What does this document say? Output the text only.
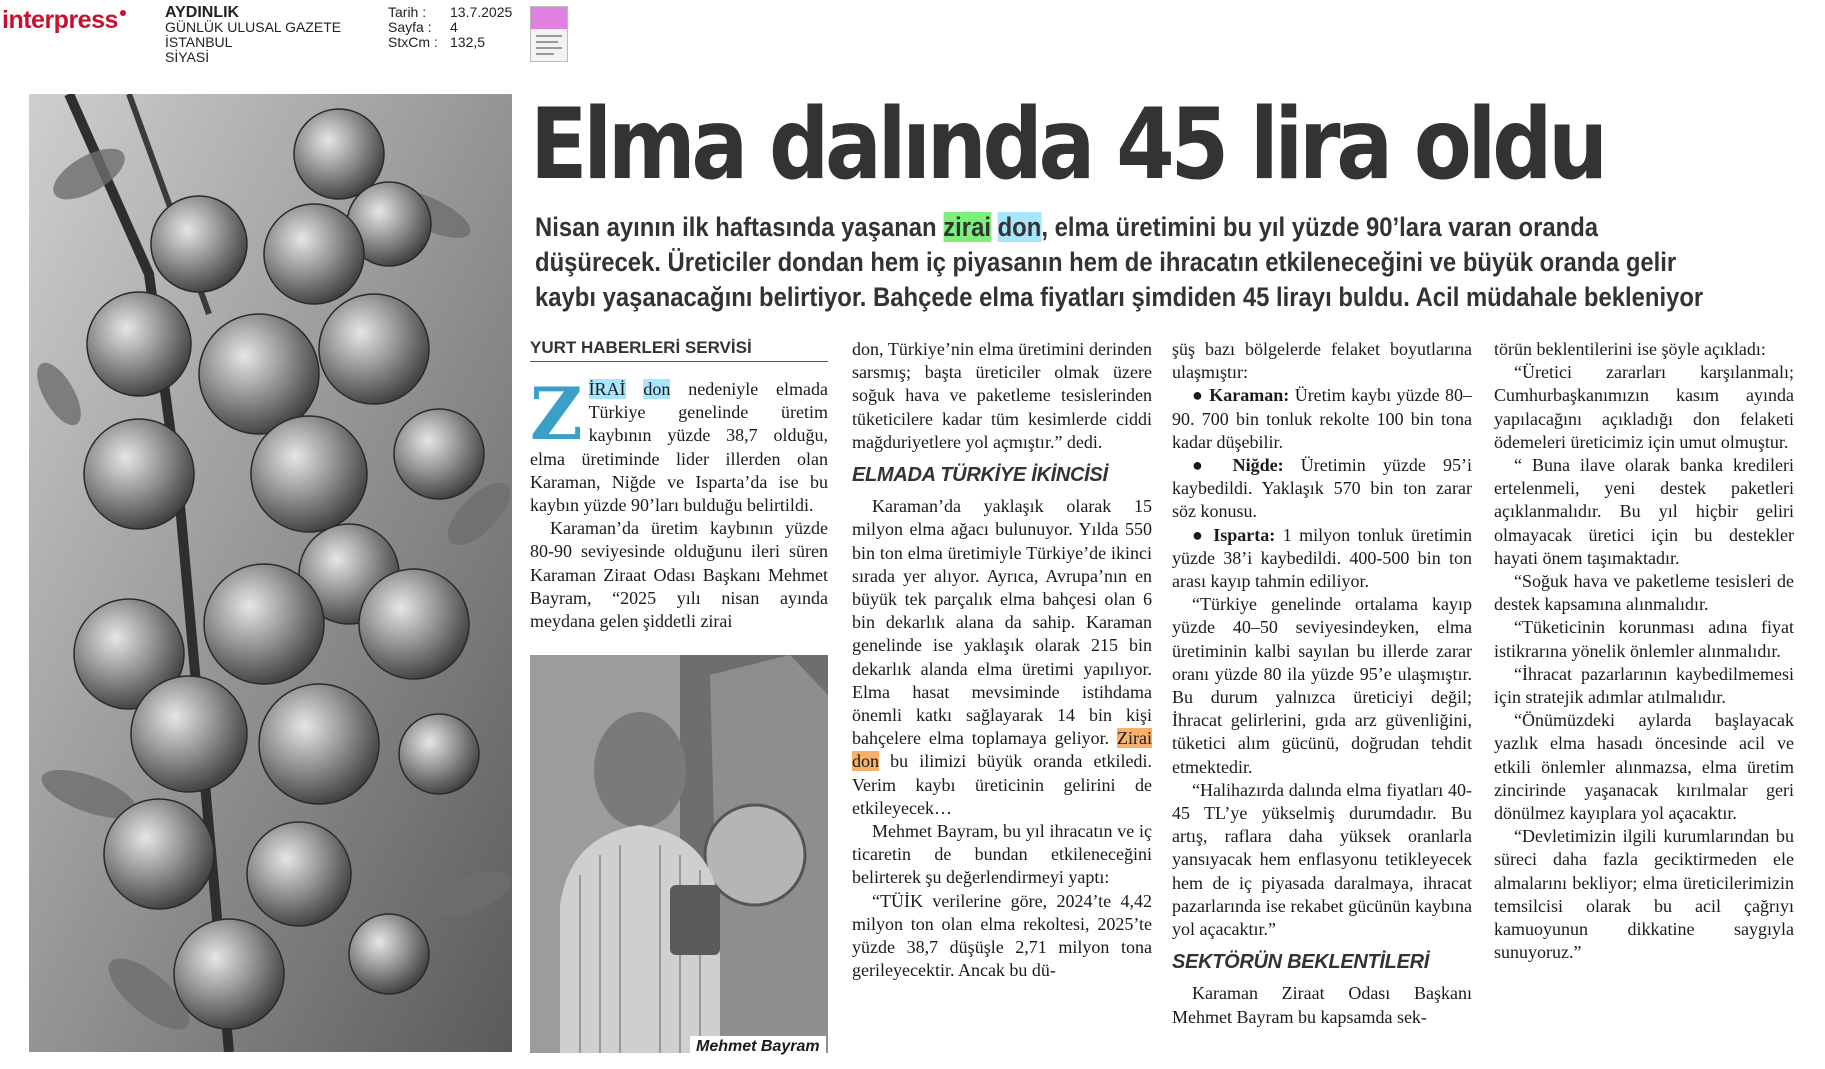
interpress	AYDINLIK
GÜNLÜK ULUSAL GAZETE
İSTANBUL
SİYASİ
Tarih :	13.7.2025
Sayfa :	4
StxCm : 132,5
Elma dalında 45 lira oldu
Nisan ayının ilk haftasında yaşanan zirai don, elma üretimini bu yıl yüzde 90’lara varan oranda
düşürecek. Üreticiler dondan hem iç piyasanın hem de ihracatın etkileneceğini ve büyük oranda gelir
kaybı yaşanacağını belirtiyor. Bahçede elma fiyatları şimdiden 45 lirayı buldu. Acil müdahale bekleniyor
YURT HABERLERİ SERVİSİ

ZİRAİ don nedeniyle elmada Türkiye genelinde üretim kaybının yüzde 38,7 olduğu, elma üretiminde lider illerden olan Karaman, Niğde ve Isparta’da ise bu kaybın yüzde 90’ları bulduğu belirtildi.

Karaman’da üretim kaybının yüzde 80-90 seviyesinde olduğunu ileri süren Karaman Ziraat Odası Başkanı Mehmet Bayram, “2025 yılı nisan ayında meydana gelen şiddetli zirai

Mehmet Bayram

don, Türkiye’nin elma üretimini derinden sarsmış; başta üreticiler olmak üzere soğuk hava ve paketleme tesislerinden tüketicilere kadar tüm kesimlerde ciddi mağduriyetlere yol açmıştır.” dedi.

ELMADA TÜRKİYE İKİNCİSİ

Karaman’da yaklaşık olarak 15 milyon elma ağacı bulunuyor. Yılda 550 bin ton elma üretimiyle Türkiye’de ikinci sırada yer alıyor. Ayrıca, Avrupa’nın en büyük tek parçalık elma bahçesi olan 6 bin dekarlık alana da sahip. Karaman genelinde ise yaklaşık olarak 215 bin dekarlık alanda elma üretimi yapılıyor. Elma hasat mevsiminde istihdama önemli katkı sağlayarak 14 bin kişi bahçelere elma toplamaya geliyor. Zirai don bu ilimizi büyük oranda etkiledi. Verim kaybı üreticinin gelirini de etkileyecek…

Mehmet Bayram, bu yıl ihracatın ve iç ticaretin de bundan etkileneceğini belirterek şu değerlendirmeyi yaptı:

“TÜİK verilerine göre, 2024’te 4,42 milyon ton olan elma rekoltesi, 2025’te yüzde 38,7 düşüşle 2,71 milyon tona gerileyecektir. Ancak bu dü-

şüş bazı bölgelerde felaket boyutlarına ulaşmıştır:

● Karaman: Üretim kaybı yüzde 80–90. 700 bin tonluk rekolte 100 bin tona kadar düşebilir.

● Niğde: Üretimin yüzde 95’i kaybedildi. Yaklaşık 570 bin ton zarar söz konusu.

● Isparta: 1 milyon tonluk üretimin yüzde 38’i kaybedildi. 400-500 bin ton arası kayıp tahmin ediliyor.

“Türkiye genelinde ortalama kayıp yüzde 40–50 seviyesindeyken, elma üretiminin kalbi sayılan bu illerde zarar oranı yüzde 80 ila yüzde 95’e ulaşmıştır. Bu durum yalnızca üreticiyi değil; İhracat gelirlerini, gıda arz güvenliğini, tüketici alım gücünü, doğrudan tehdit etmektedir.

“Halihazırda dalında elma fiyatları 40-45 TL’ye yükselmiş durumdadır. Bu artış, raflara daha yüksek oranlarla yansıyacak hem enflasyonu tetikleyecek hem de iç piyasada daralmaya, ihracat pazarlarında ise rekabet gücünün kaybına yol açacaktır.”

SEKTÖRÜN BEKLENTİLERİ

Karaman Ziraat Odası Başkanı Mehmet Bayram bu kapsamda sek-

törün beklentilerini ise şöyle açıkladı:

“Üretici zararları karşılanmalı; Cumhurbaşkanımızın kasım ayında yapılacağını açıkladığı don felaketi ödemeleri üreticimiz için umut olmuştur.

“ Buna ilave olarak banka kredileri ertelenmeli, yeni destek paketleri açıklanmalıdır. Bu yıl hiçbir geliri olmayacak üretici için bu destekler hayati önem taşımaktadır.

“Soğuk hava ve paketleme tesisleri de destek kapsamına alınmalıdır.

“Tüketicinin korunması adına fiyat istikrarına yönelik önlemler alınmalıdır.

“İhracat pazarlarının kaybedilmemesi için stratejik adımlar atılmalıdır.

“Önümüzdeki aylarda başlayacak yazlık elma hasadı öncesinde acil ve etkili önlemler alınmazsa, elma üretim zincirinde yaşanacak kırılmalar geri dönülmez kayıplara yol açacaktır.

“Devletimizin ilgili kurumlarından bu süreci daha fazla geciktirmeden ele almalarını bekliyor; elma üreticilerimizin temsilcisi olarak bu acil çağrıyı kamuoyunun dikkatine saygıyla sunuyoruz.”
